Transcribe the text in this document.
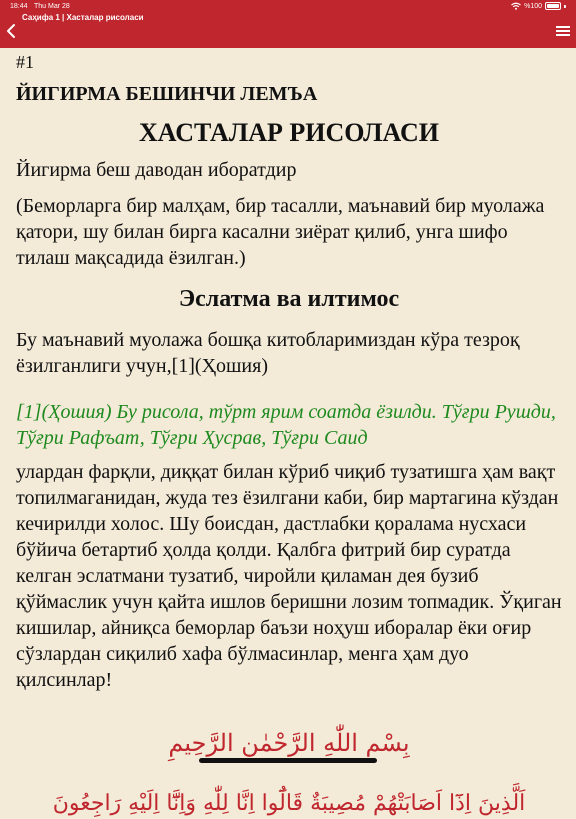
18:44 Thu Mar 28	%100
Саҳифа 1 | Хасталар рисоласи
#1
ЙИГИРМА БЕШИНЧИ ЛЕМЪА
ХАСТАЛАР РИСОЛАСИ
Йигирма беш даводан иборатдир
(Беморларга бир малҳам, бир тасалли, маънавий бир муолажа қатори, шу билан бирга касални зиёрат қилиб, унга шифо тилаш мақсадида ёзилган.)
Эслатма ва илтимос
Бу маънавий муолажа бошқа китобларимиздан кўра тезроқ ёзилганлиги учун,[1](Ҳошия)
[1](Ҳошия) Бу рисола, тўрт ярим соатда ёзилди. Тўғри Рушди, Тўғри Рафъат, Тўғри Ҳусрав, Тўғри Саид
улардан фарқли, диққат билан кўриб чиқиб тузатишга ҳам вақт топилмаганидан, жуда тез ёзилгани каби, бир мартагина кўздан кечирилди холос. Шу боисдан, дастлабки қоралама нусхаси бўйича бетартиб ҳолда қолди. Қалбга фитрий бир суратда келган эслатмани тузатиб, чиройли қиламан дея бузиб қўймаслик учун қайта ишлов беришни лозим топмадик. Ўқиган кишилар, айниқса беморлар баъзи ноҳуш иборалар ёки оғир сўзлардан сиқилиб хафа бўлмасинлар, менга ҳам дуо қилсинлар!
بِسْمِ اللّٰهِ الرَّحْمٰنِ الرَّحِيمِ
اَلَّذِينَ اِذَٓا اَصَابَتْهُمْ مُصِيبَةٌ قَالُٓوا اِنَّا لِلّٰهِ وَاِنَّٓا اِلَيْهِ رَاجِعُونَ
